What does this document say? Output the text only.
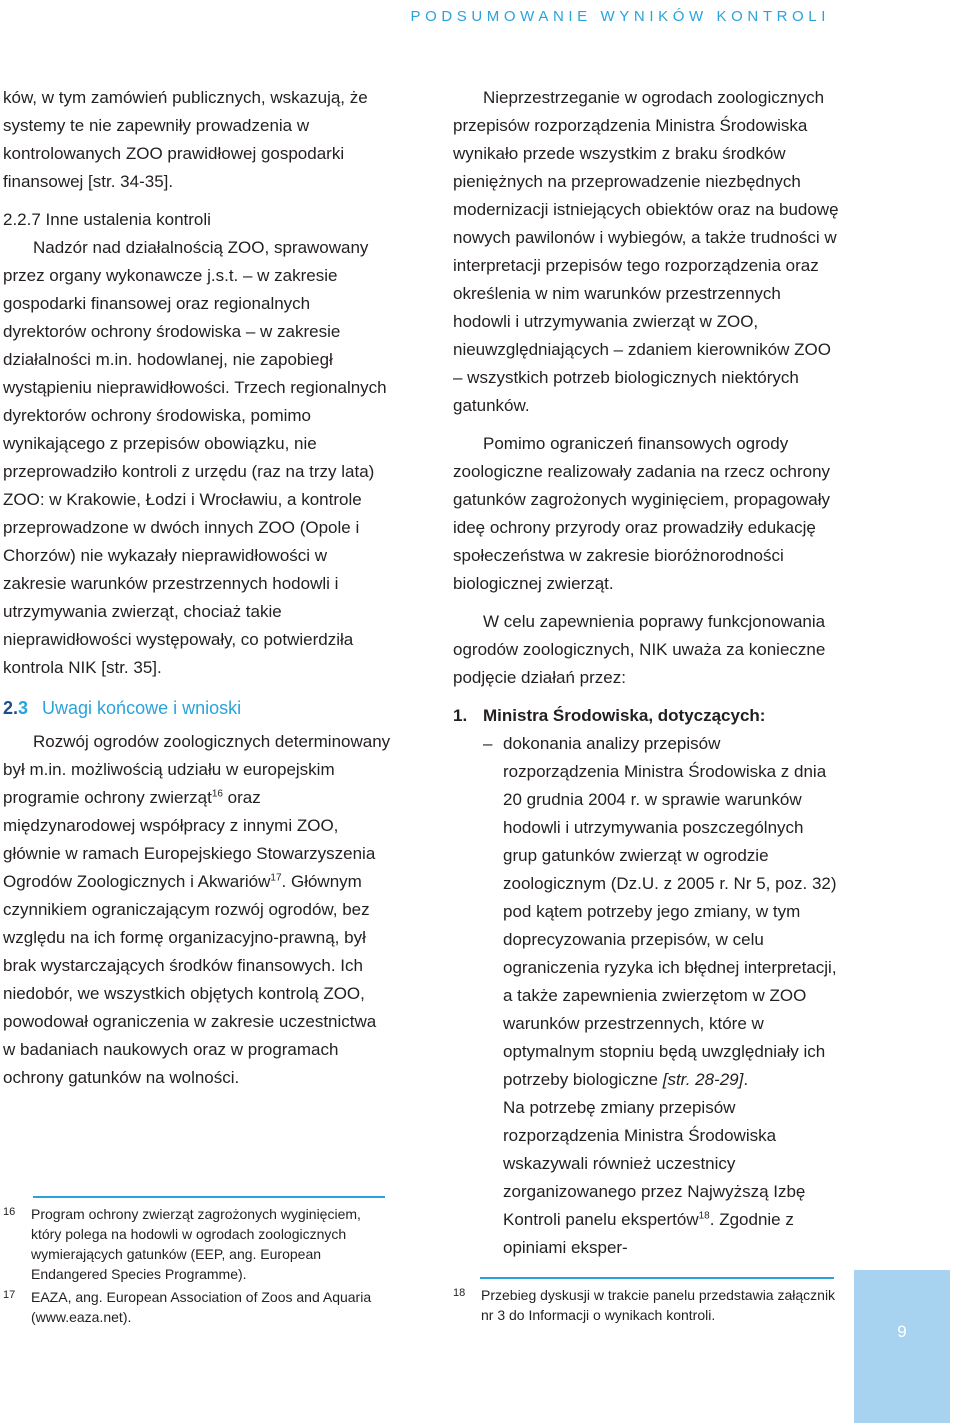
PODSUMOWANIE WYNIKÓW KONTROLI

ków, w tym zamówień publicznych, wskazują, że systemy te nie zapewniły prowadzenia w kontrolowanych ZOO prawidłowej gospodarki finansowej [str. 34-35].

2.2.7 Inne ustalenia kontroli

Nadzór nad działalnością ZOO, sprawowany przez organy wykonawcze j.s.t. – w zakresie gospodarki finansowej oraz regionalnych dyrektorów ochrony środowiska – w zakresie działalności m.in. hodowlanej, nie zapobiegł wystąpieniu nieprawidłowości. Trzech regionalnych dyrektorów ochrony środowiska, pomimo wynikającego z przepisów obowiązku, nie przeprowadziło kontroli z urzędu (raz na trzy lata) ZOO: w Krakowie, Łodzi i Wrocławiu, a kontrole przeprowadzone w dwóch innych ZOO (Opole i Chorzów) nie wykazały nieprawidłowości w zakresie warunków przestrzennych hodowli i utrzymywania zwierząt, chociaż takie nieprawidłowości występowały, co potwierdziła kontrola NIK [str. 35].

2.3 Uwagi końcowe i wnioski

Rozwój ogrodów zoologicznych determinowany był m.in. możliwością udziału w europejskim programie ochrony zwierząt$^{16}$ oraz międzynarodowej współpracy z innymi ZOO, głównie w ramach Europejskiego Stowarzyszenia Ogrodów Zoologicznych i Akwariów$^{17}$. Głównym czynnikiem ograniczającym rozwój ogrodów, bez względu na ich formę organizacyjno-prawną, był brak wystarczających środków finansowych. Ich niedobór, we wszystkich objętych kontrolą ZOO, powodował ograniczenia w zakresie uczestnictwa w badaniach naukowych oraz w programach ochrony gatunków na wolności.

Nieprzestrzeganie w ogrodach zoologicznych przepisów rozporządzenia Ministra Środowiska wynikało przede wszystkim z braku środków pieniężnych na przeprowadzenie niezbędnych modernizacji istniejących obiektów oraz na budowę nowych pawilonów i wybiegów, a także trudności w interpretacji przepisów tego rozporządzenia oraz określenia w nim warunków przestrzennych hodowli i utrzymywania zwierząt w ZOO, nieuwzględniających – zdaniem kierowników ZOO – wszystkich potrzeb biologicznych niektórych gatunków.

Pomimo ograniczeń finansowych ogrody zoologiczne realizowały zadania na rzecz ochrony gatunków zagrożonych wyginięciem, propagowały ideę ochrony przyrody oraz prowadziły edukację społeczeństwa w zakresie bioróżnorodności biologicznej zwierząt.

W celu zapewnienia poprawy funkcjonowania ogrodów zoologicznych, NIK uważa za konieczne podjęcie działań przez:

1. Ministra Środowiska, dotyczących:
– dokonania analizy przepisów rozporządzenia Ministra Środowiska z dnia 20 grudnia 2004 r. w sprawie warunków hodowli i utrzymywania poszczególnych grup gatunków zwierząt w ogrodzie zoologicznym (Dz.U. z 2005 r. Nr 5, poz. 32) pod kątem potrzeby jego zmiany, w tym doprecyzowania przepisów, w celu ograniczenia ryzyka ich błędnej interpretacji, a także zapewnienia zwierzętom w ZOO warunków przestrzennych, które w optymalnym stopniu będą uwzględniały ich potrzeby biologiczne [str. 28-29].

Na potrzebę zmiany przepisów rozporządzenia Ministra Środowiska wskazywali również uczestnicy zorganizowanego przez Najwyższą Izbę Kontroli panelu ekspertów$^{18}$. Zgodnie z opiniami eksper-

16	Program ochrony zwierząt zagrożonych wyginięciem, który polega na hodowli w ogrodach zoologicznych wymierających gatunków (EEP, ang. European Endangered Species Programme).
17	EAZA, ang. European Association of Zoos and Aquaria (www.eaza.net).
18	Przebieg dyskusji w trakcie panelu przedstawia załącznik nr 3 do Informacji o wynikach kontroli.
9
